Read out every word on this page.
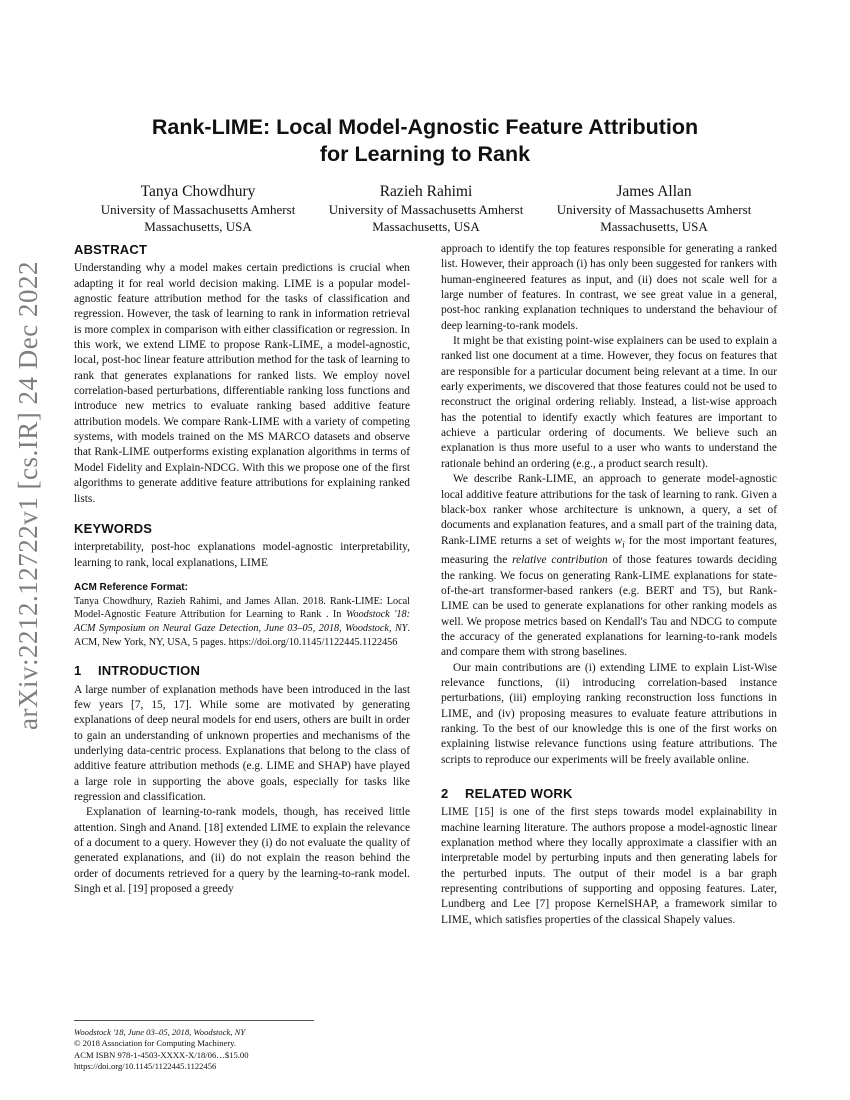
arXiv:2212.12722v1 [cs.IR] 24 Dec 2022
Rank-LIME: Local Model-Agnostic Feature Attribution
for Learning to Rank
Tanya Chowdhury
University of Massachusetts Amherst
Massachusetts, USA
Razieh Rahimi
University of Massachusetts Amherst
Massachusetts, USA
James Allan
University of Massachusetts Amherst
Massachusetts, USA
ABSTRACT

Understanding why a model makes certain predictions is crucial when adapting it for real world decision making. LIME is a popular model-agnostic feature attribution method for the tasks of classification and regression. However, the task of learning to rank in information retrieval is more complex in comparison with either classification or regression. In this work, we extend LIME to propose Rank-LIME, a model-agnostic, local, post-hoc linear feature attribution method for the task of learning to rank that generates explanations for ranked lists. We employ novel correlation-based perturbations, differentiable ranking loss functions and introduce new metrics to evaluate ranking based additive feature attribution models. We compare Rank-LIME with a variety of competing systems, with models trained on the MS MARCO datasets and observe that Rank-LIME outperforms existing explanation algorithms in terms of Model Fidelity and Explain-NDCG. With this we propose one of the first algorithms to generate additive feature attributions for explaining ranked lists.

KEYWORDS

interpretability, post-hoc explanations model-agnostic interpretability, learning to rank, local explanations, LIME

ACM Reference Format:

Tanya Chowdhury, Razieh Rahimi, and James Allan. 2018. Rank-LIME: Local Model-Agnostic Feature Attribution for Learning to Rank . In Woodstock '18: ACM Symposium on Neural Gaze Detection, June 03–05, 2018, Woodstock, NY. ACM, New York, NY, USA, 5 pages. https://doi.org/10.1145/1122445.1122456

1 INTRODUCTION

A large number of explanation methods have been introduced in the last few years [7, 15, 17]. While some are motivated by generating explanations of deep neural models for end users, others are built in order to gain an understanding of unknown properties and mechanisms of the underlying data-centric process. Explanations that belong to the class of additive feature attribution methods (e.g. LIME and SHAP) have played a large role in supporting the above goals, especially for tasks like regression and classification.

Explanation of learning-to-rank models, though, has received little attention. Singh and Anand. [18] extended LIME to explain the relevance of a document to a query. However they (i) do not evaluate the quality of generated explanations, and (ii) do not explain the reason behind the order of documents retrieved for a query by the learning-to-rank model. Singh et al. [19] proposed a greedy

approach to identify the top features responsible for generating a ranked list. However, their approach (i) has only been suggested for rankers with human-engineered features as input, and (ii) does not scale well for a large number of features. In contrast, we see great value in a general, post-hoc ranking explanation techniques to understand the behaviour of deep learning-to-rank models.

It might be that existing point-wise explainers can be used to explain a ranked list one document at a time. However, they focus on features that are responsible for a particular document being relevant at a time. In our early experiments, we discovered that those features could not be used to reconstruct the original ordering reliably. Instead, a list-wise approach has the potential to identify exactly which features are important to achieve a particular ordering of documents. We believe such an explanation is thus more useful to a user who wants to understand the rationale behind an ordering (e.g., a product search result).

We describe Rank-LIME, an approach to generate model-agnostic local additive feature attributions for the task of learning to rank. Given a black-box ranker whose architecture is unknown, a query, a set of documents and explanation features, and a small part of the training data, Rank-LIME returns a set of weights $w_i$ for the most important features, measuring the relative contribution of those features towards deciding the ranking. We focus on generating Rank-LIME explanations for state-of-the-art transformer-based rankers (e.g. BERT and T5), but Rank-LIME can be used to generate explanations for other ranking models as well. We propose metrics based on Kendall's Tau and NDCG to compute the accuracy of the generated explanations for learning-to-rank models and compare them with strong baselines.

Our main contributions are (i) extending LIME to explain List-Wise relevance functions, (ii) introducing correlation-based instance perturbations, (iii) employing ranking reconstruction loss functions in LIME, and (iv) proposing measures to evaluate feature attributions in ranking. To the best of our knowledge this is one of the first works on explaining listwise relevance functions using feature attributions. The scripts to reproduce our experiments will be freely available online.

2 RELATED WORK

LIME [15] is one of the first steps towards model explainability in machine learning literature. The authors propose a model-agnostic linear explanation method where they locally approximate a classifier with an interpretable model by perturbing inputs and then generating labels for the perturbed inputs. The output of their model is a bar graph representing contributions of supporting and opposing features. Later, Lundberg and Lee [7] propose KernelSHAP, a framework similar to LIME, which satisfies properties of the classical Shapely values.

Woodstock '18, June 03–05, 2018, Woodstock, NY
© 2018 Association for Computing Machinery.
ACM ISBN 978-1-4503-XXXX-X/18/06…$15.00
https://doi.org/10.1145/1122445.1122456
